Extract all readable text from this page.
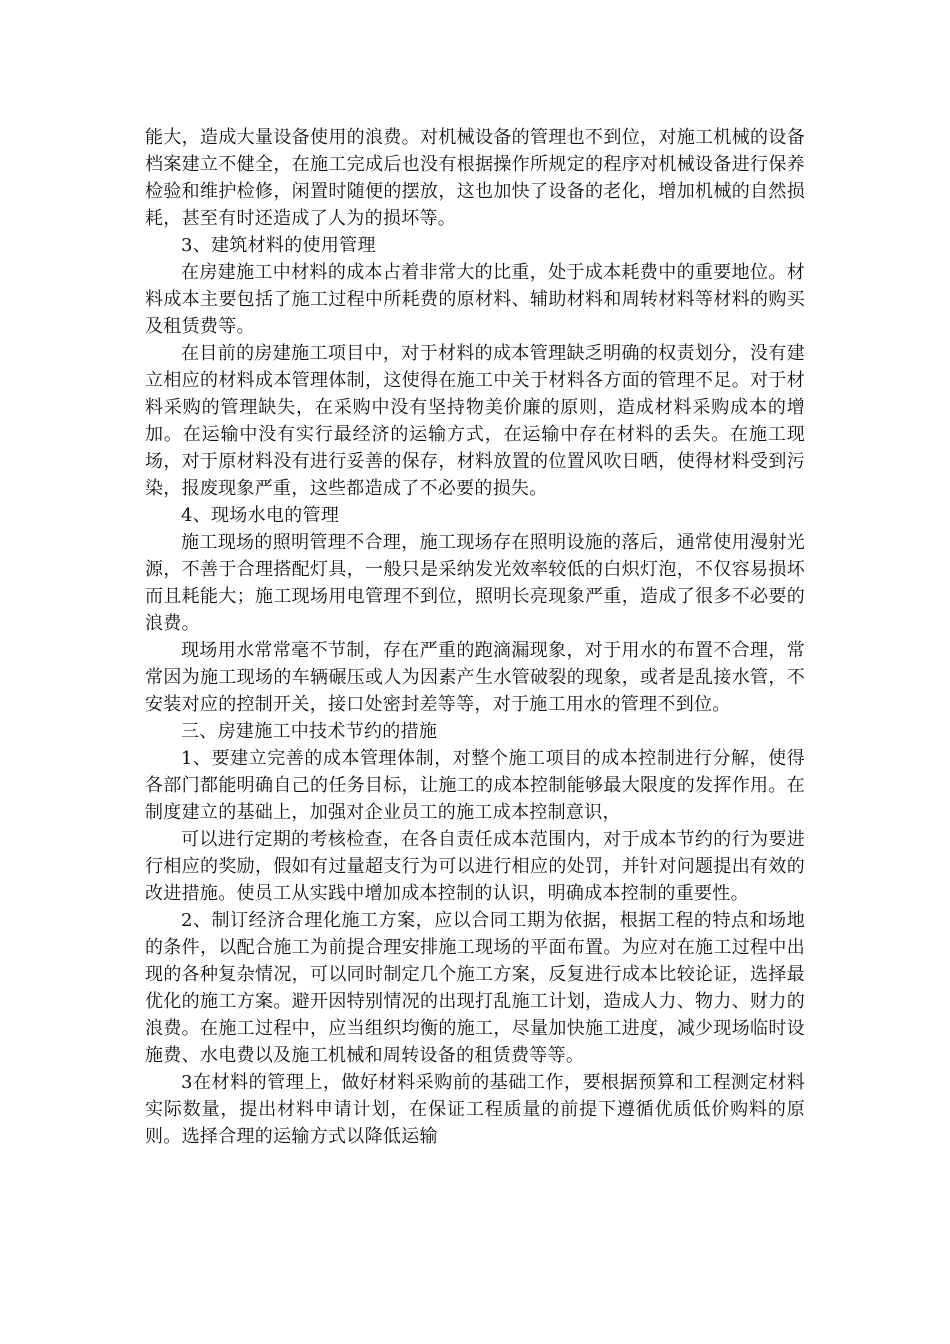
能大，造成大量设备使用的浪费。对机械设备的管理也不到位，对施工机械的设备档案建立不健全，在施工完成后也没有根据操作所规定的程序对机械设备进行保养检验和维护检修，闲置时随便的摆放，这也加快了设备的老化，增加机械的自然损耗，甚至有时还造成了人为的损坏等。

3、建筑材料的使用管理

在房建施工中材料的成本占着非常大的比重，处于成本耗费中的重要地位。材料成本主要包括了施工过程中所耗费的原材料、辅助材料和周转材料等材料的购买及租赁费等。

在目前的房建施工项目中，对于材料的成本管理缺乏明确的权责划分，没有建立相应的材料成本管理体制，这使得在施工中关于材料各方面的管理不足。对于材料采购的管理缺失，在采购中没有坚持物美价廉的原则，造成材料采购成本的增加。在运输中没有实行最经济的运输方式，在运输中存在材料的丢失。在施工现场，对于原材料没有进行妥善的保存，材料放置的位置风吹日晒，使得材料受到污染，报废现象严重，这些都造成了不必要的损失。

4、现场水电的管理

施工现场的照明管理不合理，施工现场存在照明设施的落后，通常使用漫射光源，不善于合理搭配灯具，一般只是采纳发光效率较低的白炽灯泡，不仅容易损坏而且耗能大；施工现场用电管理不到位，照明长亮现象严重，造成了很多不必要的浪费。

现场用水常常毫不节制，存在严重的跑滴漏现象，对于用水的布置不合理，常常因为施工现场的车辆碾压或人为因素产生水管破裂的现象，或者是乱接水管，不安装对应的控制开关，接口处密封差等等，对于施工用水的管理不到位。

三、房建施工中技术节约的措施

1、要建立完善的成本管理体制，对整个施工项目的成本控制进行分解，使得各部门都能明确自己的任务目标，让施工的成本控制能够最大限度的发挥作用。在制度建立的基础上，加强对企业员工的施工成本控制意识，

可以进行定期的考核检查，在各自责任成本范围内，对于成本节约的行为要进行相应的奖励，假如有过量超支行为可以进行相应的处罚，并针对问题提出有效的改进措施。使员工从实践中增加成本控制的认识，明确成本控制的重要性。

2、制订经济合理化施工方案，应以合同工期为依据，根据工程的特点和场地的条件，以配合施工为前提合理安排施工现场的平面布置。为应对在施工过程中出现的各种复杂情况，可以同时制定几个施工方案，反复进行成本比较论证，选择最优化的施工方案。避开因特别情况的出现打乱施工计划，造成人力、物力、财力的浪费。在施工过程中，应当组织均衡的施工，尽量加快施工进度，减少现场临时设施费、水电费以及施工机械和周转设备的租赁费等等。

3在材料的管理上，做好材料采购前的基础工作，要根据预算和工程测定材料实际数量，提出材料申请计划，在保证工程质量的前提下遵循优质低价购料的原则。选择合理的运输方式以降低运输
